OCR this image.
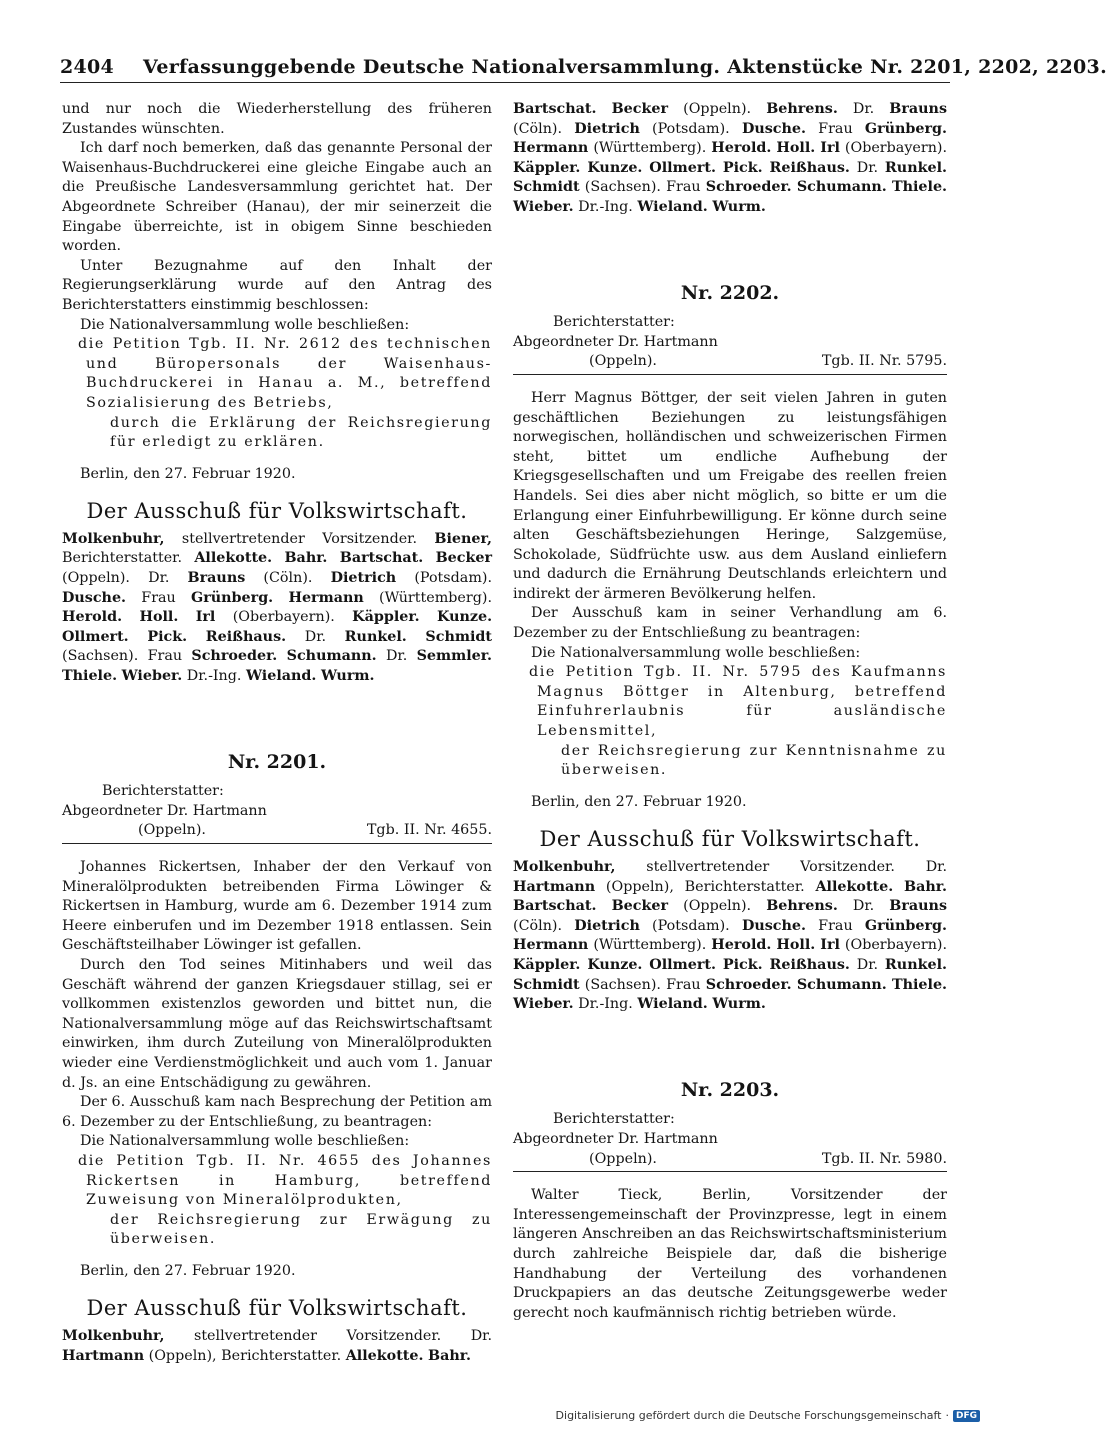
2404 Verfassunggebende Deutsche Nationalversammlung. Aktenstücke Nr. 2201, 2202, 2203.

und nur noch die Wiederherstellung des früheren Zustandes wünschten.

Ich darf noch bemerken, daß das genannte Personal der Waisenhaus-Buchdruckerei eine gleiche Eingabe auch an die Preußische Landesversammlung gerichtet hat. Der Abgeordnete Schreiber (Hanau), der mir seinerzeit die Eingabe überreichte, ist in obigem Sinne beschieden worden.

Unter Bezugnahme auf den Inhalt der Regierungserklärung wurde auf den Antrag des Berichterstatters einstimmig beschlossen:

Die Nationalversammlung wolle beschließen:

die Petition Tgb. II. Nr. 2612 des technischen und Büropersonals der Waisenhaus-Buchdruckerei in Hanau a. M., betreffend Sozialisierung des Betriebs,

durch die Erklärung der Reichsregierung für erledigt zu erklären.

Berlin, den 27. Februar 1920.

Der Ausschuß für Volkswirtschaft.

Molkenbuhr, stellvertretender Vorsitzender. Biener, Berichterstatter. Allekotte. Bahr. Bartschat. Becker (Oppeln). Dr. Brauns (Cöln). Dietrich (Potsdam). Dusche. Frau Grünberg. Hermann (Württemberg). Herold. Holl. Irl (Oberbayern). Käppler. Kunze. Ollmert. Pick. Reißhaus. Dr. Runkel. Schmidt (Sachsen). Frau Schroeder. Schumann. Dr. Semmler. Thiele. Wieber. Dr.-Ing. Wieland. Wurm.

Nr. 2201.
Berichterstatter:
Abgeordneter Dr. Hartmann
(Oppeln).	Tgb. II. Nr. 4655.

Johannes Rickertsen, Inhaber der den Verkauf von Mineralölprodukten betreibenden Firma Löwinger & Rickertsen in Hamburg, wurde am 6. Dezember 1914 zum Heere einberufen und im Dezember 1918 entlassen. Sein Geschäftsteilhaber Löwinger ist gefallen.

Durch den Tod seines Mitinhabers und weil das Geschäft während der ganzen Kriegsdauer stillag, sei er vollkommen existenzlos geworden und bittet nun, die Nationalversammlung möge auf das Reichswirtschaftsamt einwirken, ihm durch Zuteilung von Mineralölprodukten wieder eine Verdienstmöglichkeit und auch vom 1. Januar d. Js. an eine Entschädigung zu gewähren.

Der 6. Ausschuß kam nach Besprechung der Petition am 6. Dezember zu der Entschließung, zu beantragen:

Die Nationalversammlung wolle beschließen:

die Petition Tgb. II. Nr. 4655 des Johannes Rickertsen in Hamburg, betreffend Zuweisung von Mineralölprodukten,

der Reichsregierung zur Erwägung zu überweisen.

Berlin, den 27. Februar 1920.

Der Ausschuß für Volkswirtschaft.

Molkenbuhr, stellvertretender Vorsitzender. Dr. Hartmann (Oppeln), Berichterstatter. Allekotte. Bahr.

Bartschat. Becker (Oppeln). Behrens. Dr. Brauns (Cöln). Dietrich (Potsdam). Dusche. Frau Grünberg. Hermann (Württemberg). Herold. Holl. Irl (Oberbayern). Käppler. Kunze. Ollmert. Pick. Reißhaus. Dr. Runkel. Schmidt (Sachsen). Frau Schroeder. Schumann. Thiele. Wieber. Dr.-Ing. Wieland. Wurm.

Nr. 2202.
Berichterstatter:
Abgeordneter Dr. Hartmann
(Oppeln).	Tgb. II. Nr. 5795.

Herr Magnus Böttger, der seit vielen Jahren in guten geschäftlichen Beziehungen zu leistungsfähigen norwegischen, holländischen und schweizerischen Firmen steht, bittet um endliche Aufhebung der Kriegsgesellschaften und um Freigabe des reellen freien Handels. Sei dies aber nicht möglich, so bitte er um die Erlangung einer Einfuhrbewilligung. Er könne durch seine alten Geschäftsbeziehungen Heringe, Salzgemüse, Schokolade, Südfrüchte usw. aus dem Ausland einliefern und dadurch die Ernährung Deutschlands erleichtern und indirekt der ärmeren Bevölkerung helfen.

Der Ausschuß kam in seiner Verhandlung am 6. Dezember zu der Entschließung zu beantragen:

Die Nationalversammlung wolle beschließen:

die Petition Tgb. II. Nr. 5795 des Kaufmanns Magnus Böttger in Altenburg, betreffend Einfuhrerlaubnis für ausländische Lebensmittel,

der Reichsregierung zur Kenntnisnahme zu überweisen.

Berlin, den 27. Februar 1920.

Der Ausschuß für Volkswirtschaft.

Molkenbuhr, stellvertretender Vorsitzender. Dr. Hartmann (Oppeln), Berichterstatter. Allekotte. Bahr. Bartschat. Becker (Oppeln). Behrens. Dr. Brauns (Cöln). Dietrich (Potsdam). Dusche. Frau Grünberg. Hermann (Württemberg). Herold. Holl. Irl (Oberbayern). Käppler. Kunze. Ollmert. Pick. Reißhaus. Dr. Runkel. Schmidt (Sachsen). Frau Schroeder. Schumann. Thiele. Wieber. Dr.-Ing. Wieland. Wurm.

Nr. 2203.
Berichterstatter:
Abgeordneter Dr. Hartmann
(Oppeln).	Tgb. II. Nr. 5980.

Walter Tieck, Berlin, Vorsitzender der Interessengemeinschaft der Provinzpresse, legt in einem längeren Anschreiben an das Reichswirtschaftsministerium durch zahlreiche Beispiele dar, daß die bisherige Handhabung der Verteilung des vorhandenen Druckpapiers an das deutsche Zeitungsgewerbe weder gerecht noch kaufmännisch richtig betrieben würde.

Digitalisierung gefördert durch die Deutsche Forschungsgemeinschaft · DFG
